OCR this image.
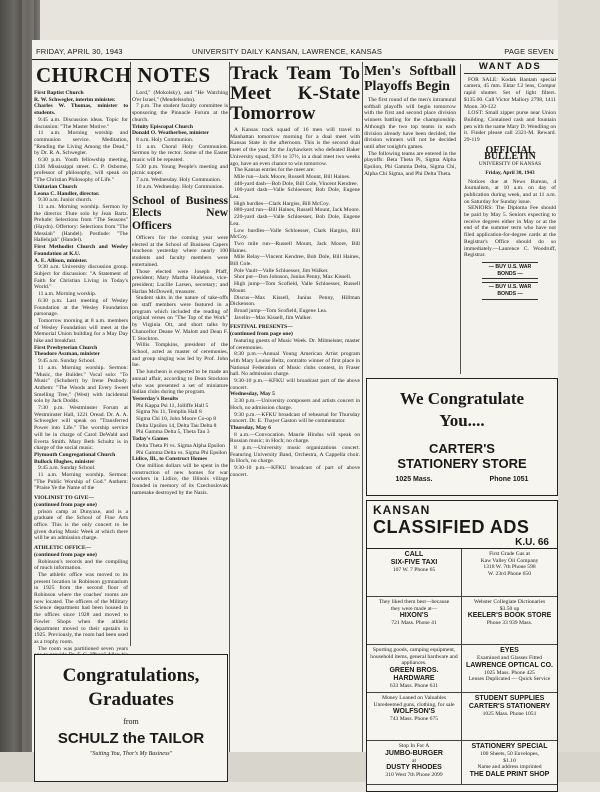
FRIDAY, APRIL 30, 1943	UNIVERSITY DAILY KANSAN, LAWRENCE, KANSAS	PAGE SEVEN
CHURCH NOTES
First Baptist Church
R. W. Schwegler, interim minister.
Charles W. Thomas, minister to students.
9:45 a.m. Discussion ideas. Topic for discussion: "The Master Motive."
11 a.m. Morning worship and communion service. Meditation, "Rending the Living Among the Dead," by Dr. R. A. Schwegler.
6:30 p.m. Youth fellowship meeting, 1336 Mississippi street. C. P. Osborne, professor of philosophy, will speak on "The Christian Philosophy of Life."
Unitarian Church
Leona C. Handler, director.
9:30 a.m. Junior church.
11 a.m. Morning worship. Sermon by the director. Flute solo by Jean Bartz. Prelude: Selections from "The Seasons" (Haydn). Offertory: Selections from "The Messiah" (Handel). Postlude: "The Hallelujah" (Handel).
First Methodist Church and Wesley Foundation at K.U.
A. E. Allison, minister.
9:30 a.m. University discussion group. Subject for discussion: "A Statement of Faith for Christian Living in Today's World."
11 a.m. Morning worship.
6:30 p.m. Last meeting of Wesley Foundation at the Wesley Foundation parsonage.
Tomorrow morning at 8 a.m. members of Wesley Foundation will meet at the Memorial Union building for a May Day hike and breakfast.
First Presbyterian Church
Theodore Aszman, minister
9:45 a.m. Sunday School.
11 a.m. Morning worship. Sermon: "Music, the Builder." Vocal solo: "To Music" (Schubert) by Irene Peabody. Anthem: "The Woods and Every Sweet Smelling Tree," (West) with incidental solo by Jack Dodds.
7:30 p.m. Westminster Forum at Westminster Hall, 1221 Oread. Dr. A. A. Schwegler will speak on "Transferred Power into Life." The worship service will be in charge of Carol DeWald and Everta Smith. Mary Beth Schultz is in charge of the social music.
Plymouth Congregational Church
Bullock Hughes, minister
9:45 a.m. Sunday School.
11 a.m. Morning worship. Sermon: "The Public Worship of God." Anthem: "Praise Ye the Name of the
VIOLINIST TO GIVE—
(continued from page one)
prison camp at Dunyaxe, and is a graduate of the School of Fine Arts office. This is the only concert to be given during Music Week at which there will be an admission charge.
ATHLETIC OFFICE—
(continued from page one)
Robinson's records and the compiling of much information.
The athletic office was moved to its present location in Robinson gymnasium in 1925 from the second floor of Robinson where the coaches' rooms are now located. The officers of the Military Science department had been housed in the offices since 1928 and moved to Fowler Shops when the athletic department moved to their upstairs in 1925. Previously, the room had been used as a trophy room.
The room was partitioned seven years
Lord," (Mokolsky), and "He Watching O'er Israel," (Mendelssohn).
7 p.m. The student faculty committee is sponsoring the Pinnacle Forum at the church.
Trinity Episcopal Church
Donald O. Weatherbee, minister
8 a.m. Holy Communion.
11 a.m. Choral Holy Communion. Sermon by the rector. Some of the Easter music will be repeated.
5:30 p.m. Young People's meeting and picnic supper.
7 a.m. Wednesday. Holy Communion.
10 a.m. Wednesday. Holy Communion.
School of Business Elects New Officers
Officers for the coming year were elected at the School of Business Capers luncheon yesterday where nearly 100 students and faculty members were entertained.
Those elected were Joseph Pfaff, president; Mary Martha Hudelson, vice-president; Lucille Larsen, secretary; and Harlan McDowell, treasurer.
Student skits in the nature of take-offs on staff members were featured in a program which included the reading of original verses on "The Top of the Work" by Virginia Ott, and short talks by Chancellor Deane W. Malott and Dean F. T. Stockton.
Willis Tompkins, president of the School, acted as master of ceremonies, and group singing was led by Prof. John Ise.
The luncheon is expected to be made an annual affair, according to Dean Stockton who was presented a set of miniature Indian clubs during the program.
Yesterday's Results
Phi Kappa Psi 11, Jolliffe Hall 5
Sigma Nu 11, Templin Hall 8
Sigma Chi 10, John Moore Co-op 8
Delta Upsilon 14, Delta Tau Delta 8
Phi Gamma Delta 5, Theta Tau 3
Today's Games
Delta Theta Pi vs. Sigma Alpha Epsilon
Phi Gamma Delta vs. Sigma Phi Epsilon
Lidice, Ill., to Construct Homes
One million dollars will be spent in the construction of new homes for war workers in Lidice, the Illinois village founded in memory of its Czechoslovak namesake destroyed by the Nazis.
Track Team To Meet K-State Tomorrow
A Kansas track squad of 16 men will travel to Manhattan tomorrow morning for a dual meet with Kansas State in the afternoon. This is the second dual meet of the year for the Jayhawkers who defeated Baker University squad, 93½ to 37½, in a dual meet two weeks ago, have an even chance to win tomorrow.
The Kansas entries for the meet are:
Mile run—Jack Moore, Russell Mount, Bill Haines.
440-yard dash—Bob Dole, Bill Cole, Vincent Kendree.
100-yard dash—Valle Schloesser, Bob Dole, Eugene Lea.
High hurdles—Clark Hargiss, Bill McCoy.
880-yard run—Bill Haines, Russell Mount, Jack Moore.
220-yard dash—Valle Schloesser, Bob Dole, Eugene Lea.
Low hurdles—Valle Schloesser, Clark Hargiss, Bill McCoy.
Two mile run—Russell Mount, Jack Moore, Bill Haines.
Mile Relay—Vincent Kendree, Bob Dole, Bill Haines, Bill Cole.
Pole Vault—Valle Schloesser, Jim Walker.
Shot put—Don Johnson, Junius Penny, Max Kissell.
High jump—Tom Scofield, Valle Schloesser, Russell Mount.
Discus—Max Kissell, Junius Penny, Hillman Dickenson.
Broad jump—Tom Scofield, Eugene Lea.
Javelin—Max Kissell, Jim Walker.
FESTIVAL PRESENTS—
(continued from page one)
featuring guests of Music Week. Dr. Milmeister, master of ceremonies.
8:30 p.m.—Annual Young American Artist program with Mary Louise Beltz, contralto winner of first place in National Federation of Music clubs contest, in Fraser hall. No admission charge.
9:30-10 p.m.—KFKU will broadcast part of the above concert.
Wednesday, May 5
3:30 p.m.—University composers and artists concert in Hoch, no admission charge.
9:30 p.m.—KFKU broadcast of rehearsal for Thursday concert. Dr. E. Thayer Gaston will be commentator.
Thursday, May 6
8 a.m.—Convocation. Maurie Hindus will speak on Russian music; in Hoch; no charge.
8 p.m.—University music organizations concert. Featuring University Band, Orchestra, A Cappella choir. In Hoch, no charge.
9:30-10 p.m.—KFKU broadcast of part of above concert.
Men's Softball Playoffs Begin
The first round of the men's intramural softball playoffs will begin tomorrow with the first and second place division winners battling for the championship. Although the two top teams in each division already have been decided, the division winners will not be decided until after tonight's games.
The following teams are entered in the playoffs: Beta Theta Pi, Sigma Alpha Epsilon, Phi Gamma Delta, Sigma Chi, Alpha Chi Sigma, and Phi Delta Theta.
WANT ADS
FOR SALE: Kodak Bantam special camera, 45 mm. Ektar f.2 lens, Compur rapid shutter. Set of light filters. $135.00. Call Victor Mallory 2798, 1411 Moon. 30-122
LOST: Small zipper purse near Union Building. Contained cash and fountain pen with the name Mary D. Wendling on it. Finder please call 2321-M. Reward. 29-119
OFFICIAL BULLETIN
UNIVERSITY OF KANSAS
Friday, April 30, 1943
Notices due at News Bureau, 4 Journalism, at 10 a.m. on day of publication during week, and at 11 a.m. on Saturday for Sunday issue.
SENIORS: The Diploma Fee should be paid by May 5. Seniors expecting to receive degrees either in May or at the end of the summer term who have not filed application-for-degree cards at the Registrar's Office should do so immediately.—Laurence C. Woodruff, Registrar.
— BUY U.S. WAR BONDS —
— BUY U.S. WAR BONDS —
We Congratulate
You....
CARTER'S
STATIONERY STORE
1025 Mass.	Phone 1051
KANSAN
CLASSIFIED ADS
K.U. 66
CALL
SIX-FIVE TAXI
107 W. 7 Phone 65
First Grade Gas at
Kaw Valley Oil Company
1318 W. 7th Phone 598
W. 23rd Phone 650
They liked them best—because
they were made at—
HIXON'S
721 Mass. Phone 41
Webster Collegiate Dictionaries
$3.50 up
KEELER'S BOOK STORE
Phone 33 939 Mass.
Sporting goods, camping equipment, household items, general hardware and appliances.
GREEN BROS. HARDWARE
633 Mass. Phone 631
EYES
Examined and Glasses Fitted
LAWRENCE OPTICAL CO.
1025 Mass. Phone 425
Lenses Duplicated — Quick Service
Money Loaned on Valuables
Unredeemed guns, clothing, for sale
WOLFSON'S
743 Mass. Phone 675
STUDENT SUPPLIES
CARTER'S STATIONERY
1025 Mass. Phone 1051
Stop In For A
JUMBO-BURGER
at
DUSTY RHODES
310 West 7th Phone 2099
STATIONERY SPECIAL
100 Sheets, 50 Envelopes,
$1.10
Name and address imprinted
THE DALE PRINT SHOP
Congratulations,
Graduates
from
SCHULZ the TAILOR
"Suiting You, Thor's My Business"
